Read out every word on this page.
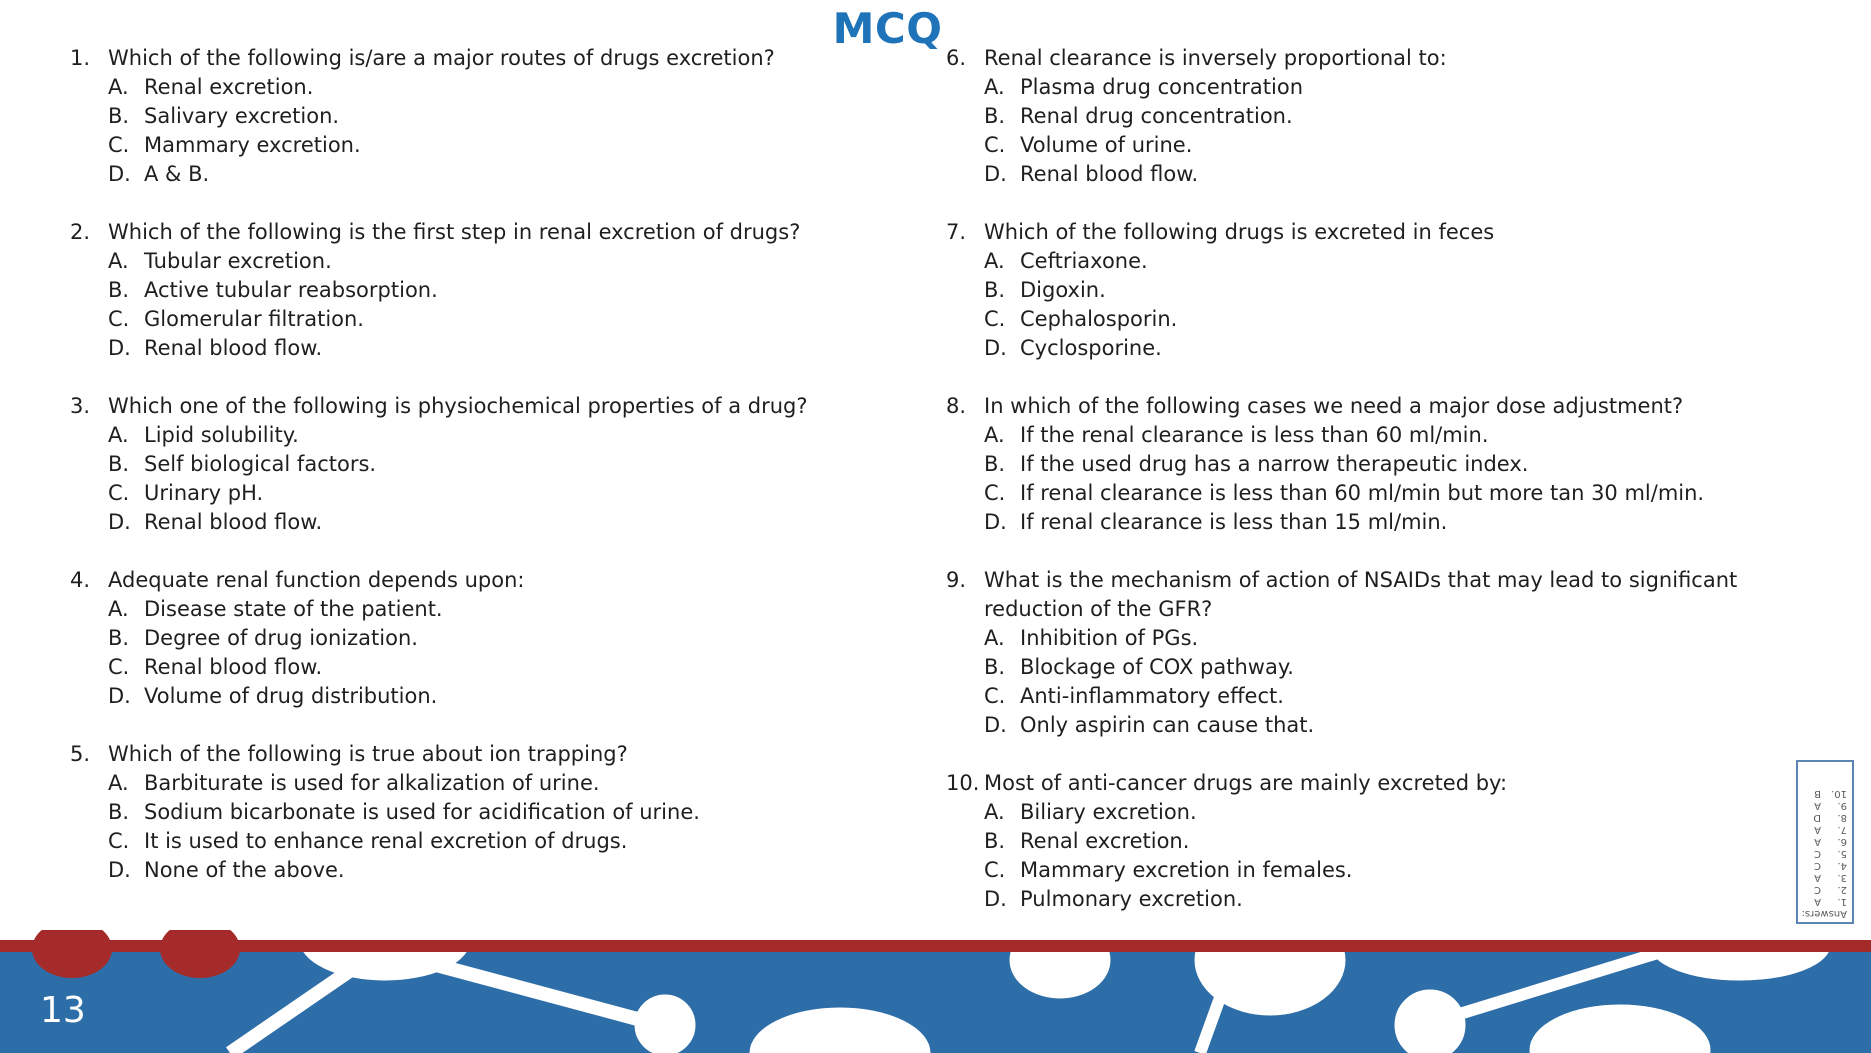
MCQ
1. Which of the following is/are a major routes of drugs excretion?
A. Renal excretion.
B. Salivary excretion.
C. Mammary excretion.
D. A & B.
2. Which of the following is the first step in renal excretion of drugs?
A. Tubular excretion.
B. Active tubular reabsorption.
C. Glomerular filtration.
D. Renal blood flow.
3. Which one of the following is physiochemical properties of a drug?
A. Lipid solubility.
B. Self biological factors.
C. Urinary pH.
D. Renal blood flow.
4. Adequate renal function depends upon:
A. Disease state of the patient.
B. Degree of drug ionization.
C. Renal blood flow.
D. Volume of drug distribution.
5. Which of the following is true about ion trapping?
A. Barbiturate is used for alkalization of urine.
B. Sodium bicarbonate is used for acidification of urine.
C. It is used to enhance renal excretion of drugs.
D. None of the above.
6. Renal clearance is inversely proportional to:
A. Plasma drug concentration
B. Renal drug concentration.
C. Volume of urine.
D. Renal blood flow.
7. Which of the following drugs is excreted in feces
A. Ceftriaxone.
B. Digoxin.
C. Cephalosporin.
D. Cyclosporine.
8. In which of the following cases we need a major dose adjustment?
A. If the renal clearance is less than 60 ml/min.
B. If the used drug has a narrow therapeutic index.
C. If renal clearance is less than 60 ml/min but more tan 30 ml/min.
D. If renal clearance is less than 15 ml/min.
9. What is the mechanism of action of NSAIDs that may lead to significant reduction of the GFR?
A. Inhibition of PGs.
B. Blockage of COX pathway.
C. Anti-inflammatory effect.
D. Only aspirin can cause that.
10. Most of anti-cancer drugs are mainly excreted by:
A. Biliary excretion.
B. Renal excretion.
C. Mammary excretion in females.
D. Pulmonary excretion.
Answers:
1.
A
2.
C
3.
A
4.
C
5.
C
6.
A
7.
A
8.
D
9.
A
10.
B
13
